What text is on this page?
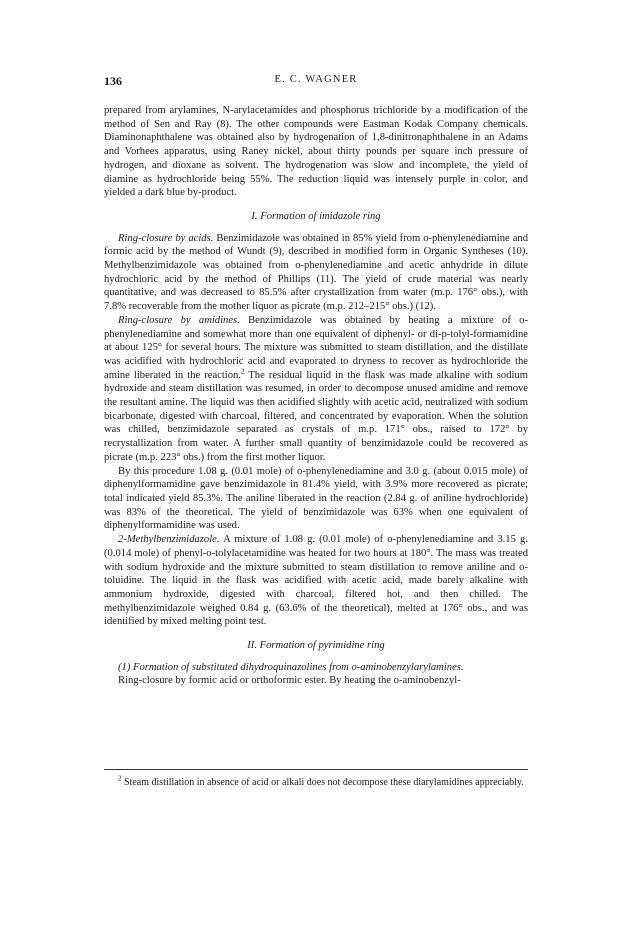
136	E. C. WAGNER

prepared from arylamines, N-arylacetamides and phosphorus trichloride by a modification of the method of Sen and Ray (8). The other compounds were Eastman Kodak Company chemicals. Diaminonaphthalene was obtained also by hydrogenation of 1,8-dinitronaphthalene in an Adams and Vorhees apparatus, using Raney nickel, about thirty pounds per square inch pressure of hydrogen, and dioxane as solvent. The hydrogenation was slow and incomplete, the yield of diamine as hydrochloride being 55%. The reduction liquid was intensely purple in color, and yielded a dark blue by-product.

I. Formation of imidazole ring

Ring-closure by acids. Benzimidazole was obtained in 85% yield from o-phenylenediamine and formic acid by the method of Wundt (9), described in modified form in Organic Syntheses (10). Methylbenzimidazole was obtained from o-phenylenediamine and acetic anhydride in dilute hydrochloric acid by the method of Phillips (11). The yield of crude material was nearly quantitative, and was decreased to 85.5% after crystallization from water (m.p. 176° obs.), with 7.8% recoverable from the mother liquor as picrate (m.p. 212–215° obs.) (12).

Ring-closure by amidines. Benzimidazole was obtained by heating a mixture of o-phenylenediamine and somewhat more than one equivalent of diphenyl- or di-p-tolyl-formamidine at about 125° for several hours. The mixture was submitted to steam distillation, and the distillate was acidified with hydrochloric acid and evaporated to dryness to recover as hydrochloride the amine liberated in the reaction.$^2$ The residual liquid in the flask was made alkaline with sodium hydroxide and steam distillation was resumed, in order to decompose unused amidine and remove the resultant amine. The liquid was then acidified slightly with acetic acid, neutralized with sodium bicarbonate, digested with charcoal, filtered, and concentrated by evaporation. When the solution was chilled, benzimidazole separated as crystals of m.p. 171° obs., raised to 172° by recrystallization from water. A further small quantity of benzimidazole could be recovered as picrate (m.p. 223° obs.) from the first mother liquor.

By this procedure 1.08 g. (0.01 mole) of o-phenylenediamine and 3.0 g. (about 0.015 mole) of diphenylformamidine gave benzimidazole in 81.4% yield, with 3.9% more recovered as picrate; total indicated yield 85.3%. The aniline liberated in the reaction (2.84 g. of aniline hydrochloride) was 83% of the theoretical. The yield of benzimidazole was 63% when one equivalent of diphenylformamidine was used.

2-Methylbenzimidazole. A mixture of 1.08 g. (0.01 mole) of o-phenylenediamine and 3.15 g. (0.014 mole) of phenyl-o-tolylacetamidine was heated for two hours at 180°. The mass was treated with sodium hydroxide and the mixture submitted to steam distillation to remove aniline and o-toluidine. The liquid in the flask was acidified with acetic acid, made barely alkaline with ammonium hydroxide, digested with charcoal, filtered hot, and then chilled. The methylbenzimidazole weighed 0.84 g. (63.6% of the theoretical), melted at 176° obs., and was identified by mixed melting point test.

II. Formation of pyrimidine ring

(1) Formation of substituted dihydroquinazolines from o-aminobenzylarylamines.

Ring-closure by formic acid or orthoformic ester. By heating the o-aminobenzyl-

$^2$ Steam distillation in absence of acid or alkali does not decompose these diarylamidines appreciably.
